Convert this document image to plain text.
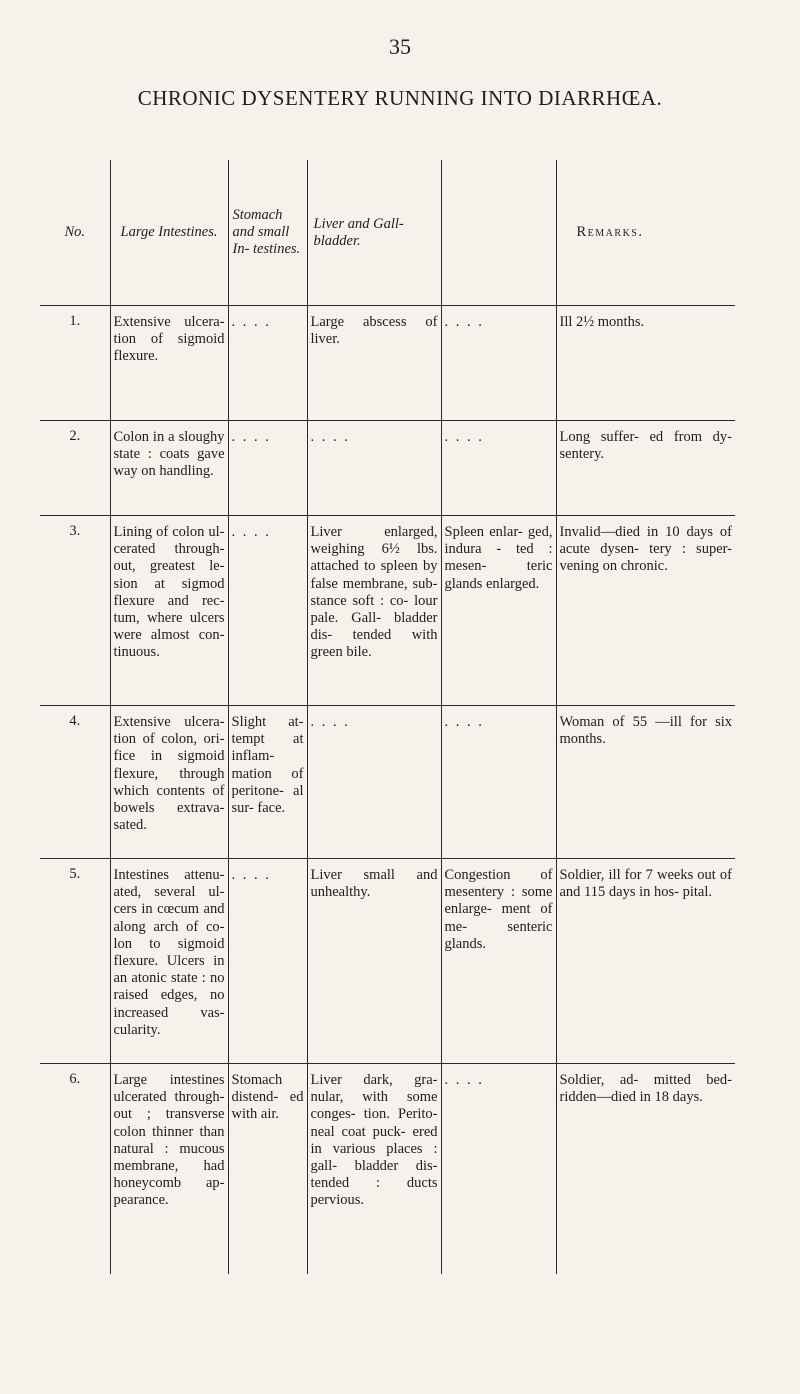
35
CHRONIC DYSENTERY RUNNING INTO DIARRHŒA.
No.	Large Intestines.	Stomach and small In- testines.	Liver and Gall- bladder.		Remarks.
1.	Extensive ulcera- tion of sigmoid flexure.	. . . .	Large abscess of liver.	. . . .	Ill 2½ months.
2.	Colon in a sloughy state : coats gave way on handling.	. . . .	. . . .	. . . .	Long suffer- ed from dy- sentery.
3.	Lining of colon ul- cerated through- out, greatest le- sion at sigmod flexure and rec- tum, where ulcers were almost con- tinuous.	. . . .	Liver enlarged, weighing 6½ lbs. attached to spleen by false membrane, sub- stance soft : co- lour pale. Gall- bladder dis- tended with green bile.	Spleen enlar- ged, indura - ted : mesen- teric glands enlarged.	Invalid—died in 10 days of acute dysen- tery : super- vening on chronic.
4.	Extensive ulcera- tion of colon, ori- fice in sigmoid flexure, through which contents of bowels extrava- sated.	Slight at- tempt at inflam- mation of peritone- al sur- face.	. . . .	. . . .	Woman of 55 —ill for six months.
5.	Intestines attenu- ated, several ul- cers in cœcum and along arch of co- lon to sigmoid flexure. Ulcers in an atonic state : no raised edges, no increased vas- cularity.	. . . .	Liver small and unhealthy.	Congestion of mesentery : some enlarge- ment of me- senteric glands.	Soldier, ill for 7 weeks out of and 115 days in hos- pital.
6.	Large intestines ulcerated through- out ; transverse colon thinner than natural : mucous membrane, had honeycomb ap- pearance.	Stomach distend- ed with air.	Liver dark, gra- nular, with some conges- tion. Perito- neal coat puck- ered in various places : gall- bladder dis- tended : ducts pervious.	. . . .	Soldier, ad- mitted bed- ridden—died in 18 days.
